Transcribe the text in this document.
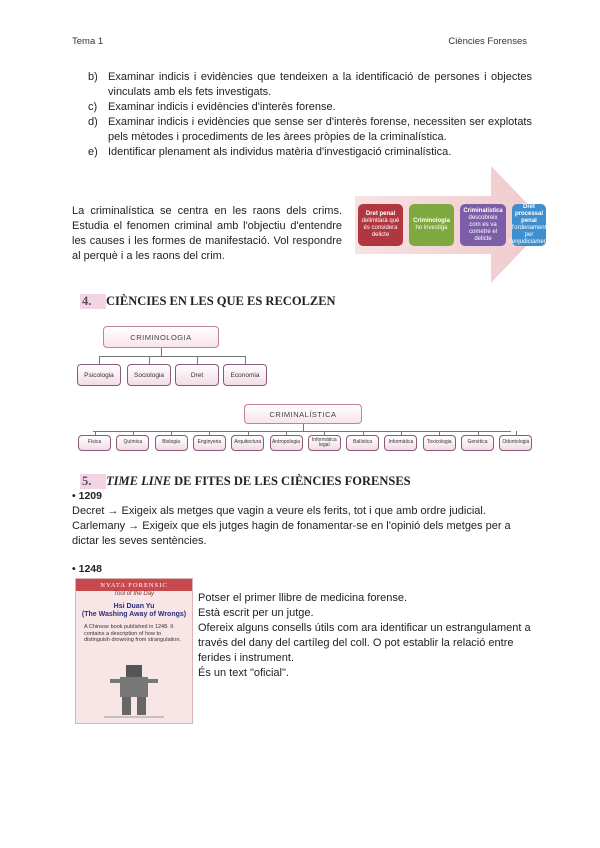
Tema 1	Ciències Forenses
b) Examinar indicis i evidències que tendeixen a la identificació de persones i objectes vinculats amb els fets investigats.
c) Examinar indicis i evidències d'interès forense.
d) Examinar indicis i evidències que sense ser d'interès forense, necessiten ser explotats pels mètodes i procediments de les àrees pròpies de la criminalística.
e) Identificar plenament als individus matèria d'investigació criminalística.
La criminalística se centra en les raons dels crims. Estudia el fenomen criminal amb l'objectiu d'entendre les causes i les formes de manifestació. Vol respondre al perquè i a les raons del crim.
Dret penal
delimitarà què és considera delicte
Criminologia
ho investiga
Criminalística
descobreix com es va cometre el delicte
Dret processal penal
l'ordenament per l'enjudiciament
4. CIÈNCIES EN LES QUE ES RECOLZEN
CRIMINOLOGIA
Psicologia	Sociologia	Dret	Economia
CRIMINALÍSTICA
Física	Química	Biologia	Enginyeria	Arquitectura	Antropologia	Informàtica legal	Balística	Informàtica	Toxicologia	Genètica	Odontologia
5. TIME LINE DE FITES DE LES CIÈNCIES FORENSES
• 1209
Decret → Exigeix als metges que vagin a veure els ferits, tot i que amb ordre judicial.
Carlemany → Exigeix que els jutges hagin de fonamentar-se en l'opinió dels metges per a dictar les seves sentències.
• 1248
NYATA FORENSIC
Tool of the Day
Hsi Duan Yu
(The Washing Away of Wrongs)
A Chinese book published in 1248. It contains a description of how to distinguish drowning from strangulation.
Potser el primer llibre de medicina forense.
Està escrit per un jutge.
Ofereix alguns consells útils com ara identificar un estrangulament a través del dany del cartíleg del coll. O pot establir la relació entre ferides i instrument.
És un text "oficial".
